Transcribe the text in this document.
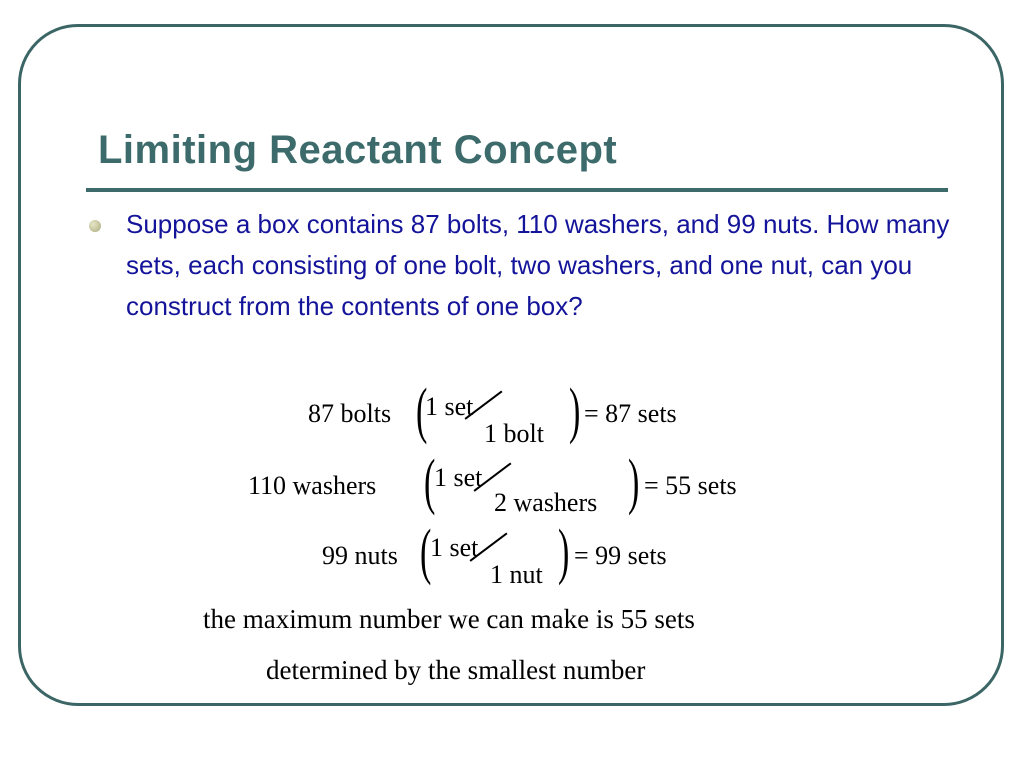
Limiting Reactant Concept
Suppose a box contains 87 bolts, 110 washers, and 99 nuts. How many sets, each consisting of one bolt, two washers, and one nut, can you construct from the contents of one box?
87 bolts (
1 set
1 bolt ) = 87 sets
110 washers (
1 set
2 washers ) = 55 sets
99 nuts (
1 set
1 nut ) = 99 sets
the maximum number we can make is 55 sets
determined by the smallest number
